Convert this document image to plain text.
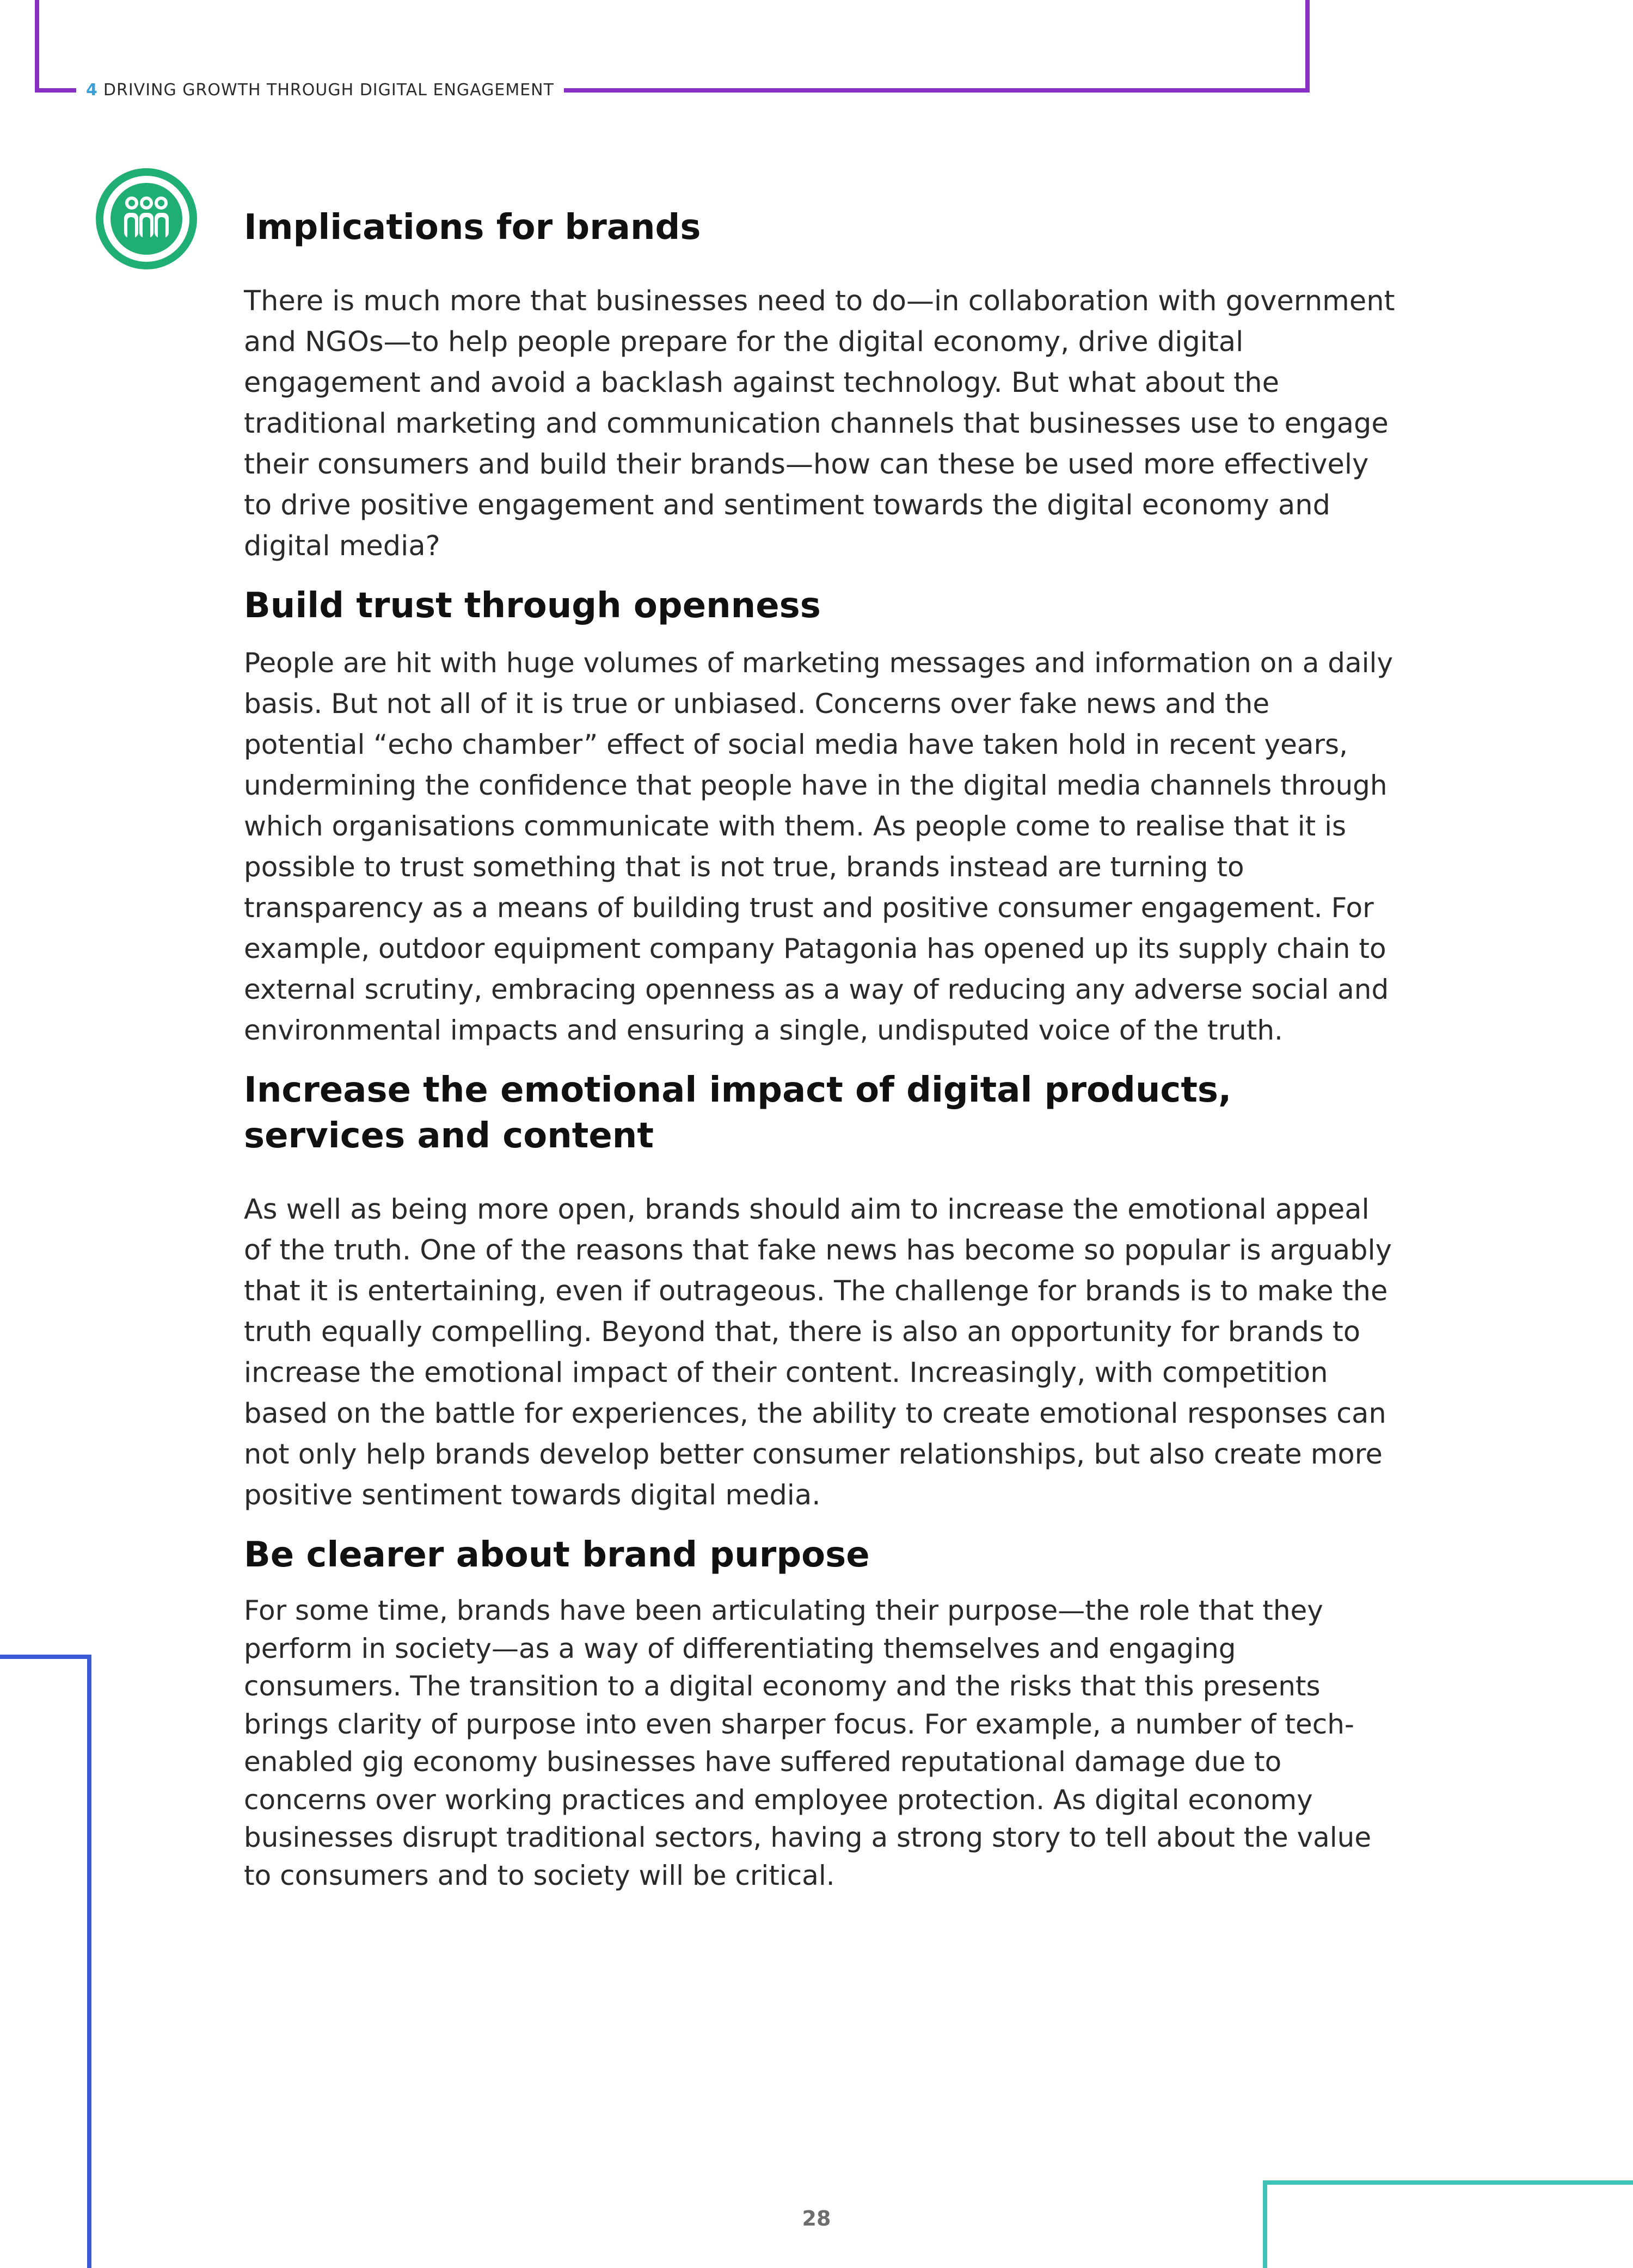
4 DRIVING GROWTH THROUGH DIGITAL ENGAGEMENT
Implications for brands

There is much more that businesses need to do—in collaboration with government and NGOs—to help people prepare for the digital economy, drive digital engagement and avoid a backlash against technology. But what about the traditional marketing and communication channels that businesses use to engage their consumers and build their brands—how can these be used more effectively to drive positive engagement and sentiment towards the digital economy and digital media?

Build trust through openness

People are hit with huge volumes of marketing messages and information on a daily basis. But not all of it is true or unbiased. Concerns over fake news and the potential “echo chamber” effect of social media have taken hold in recent years, undermining the confidence that people have in the digital media channels through which organisations communicate with them. As people come to realise that it is possible to trust something that is not true, brands instead are turning to transparency as a means of building trust and positive consumer engagement. For example, outdoor equipment company Patagonia has opened up its supply chain to external scrutiny, embracing openness as a way of reducing any adverse social and environmental impacts and ensuring a single, undisputed voice of the truth.

Increase the emotional impact of digital products, services and content

As well as being more open, brands should aim to increase the emotional appeal of the truth. One of the reasons that fake news has become so popular is arguably that it is entertaining, even if outrageous. The challenge for brands is to make the truth equally compelling. Beyond that, there is also an opportunity for brands to increase the emotional impact of their content. Increasingly, with competition based on the battle for experiences, the ability to create emotional responses can not only help brands develop better consumer relationships, but also create more positive sentiment towards digital media.

Be clearer about brand purpose

For some time, brands have been articulating their purpose—the role that they perform in society—as a way of differentiating themselves and engaging consumers. The transition to a digital economy and the risks that this presents brings clarity of purpose into even sharper focus. For example, a number of tech-enabled gig economy businesses have suffered reputational damage due to concerns over working practices and employee protection. As digital economy businesses disrupt traditional sectors, having a strong story to tell about the value to consumers and to society will be critical.

28
